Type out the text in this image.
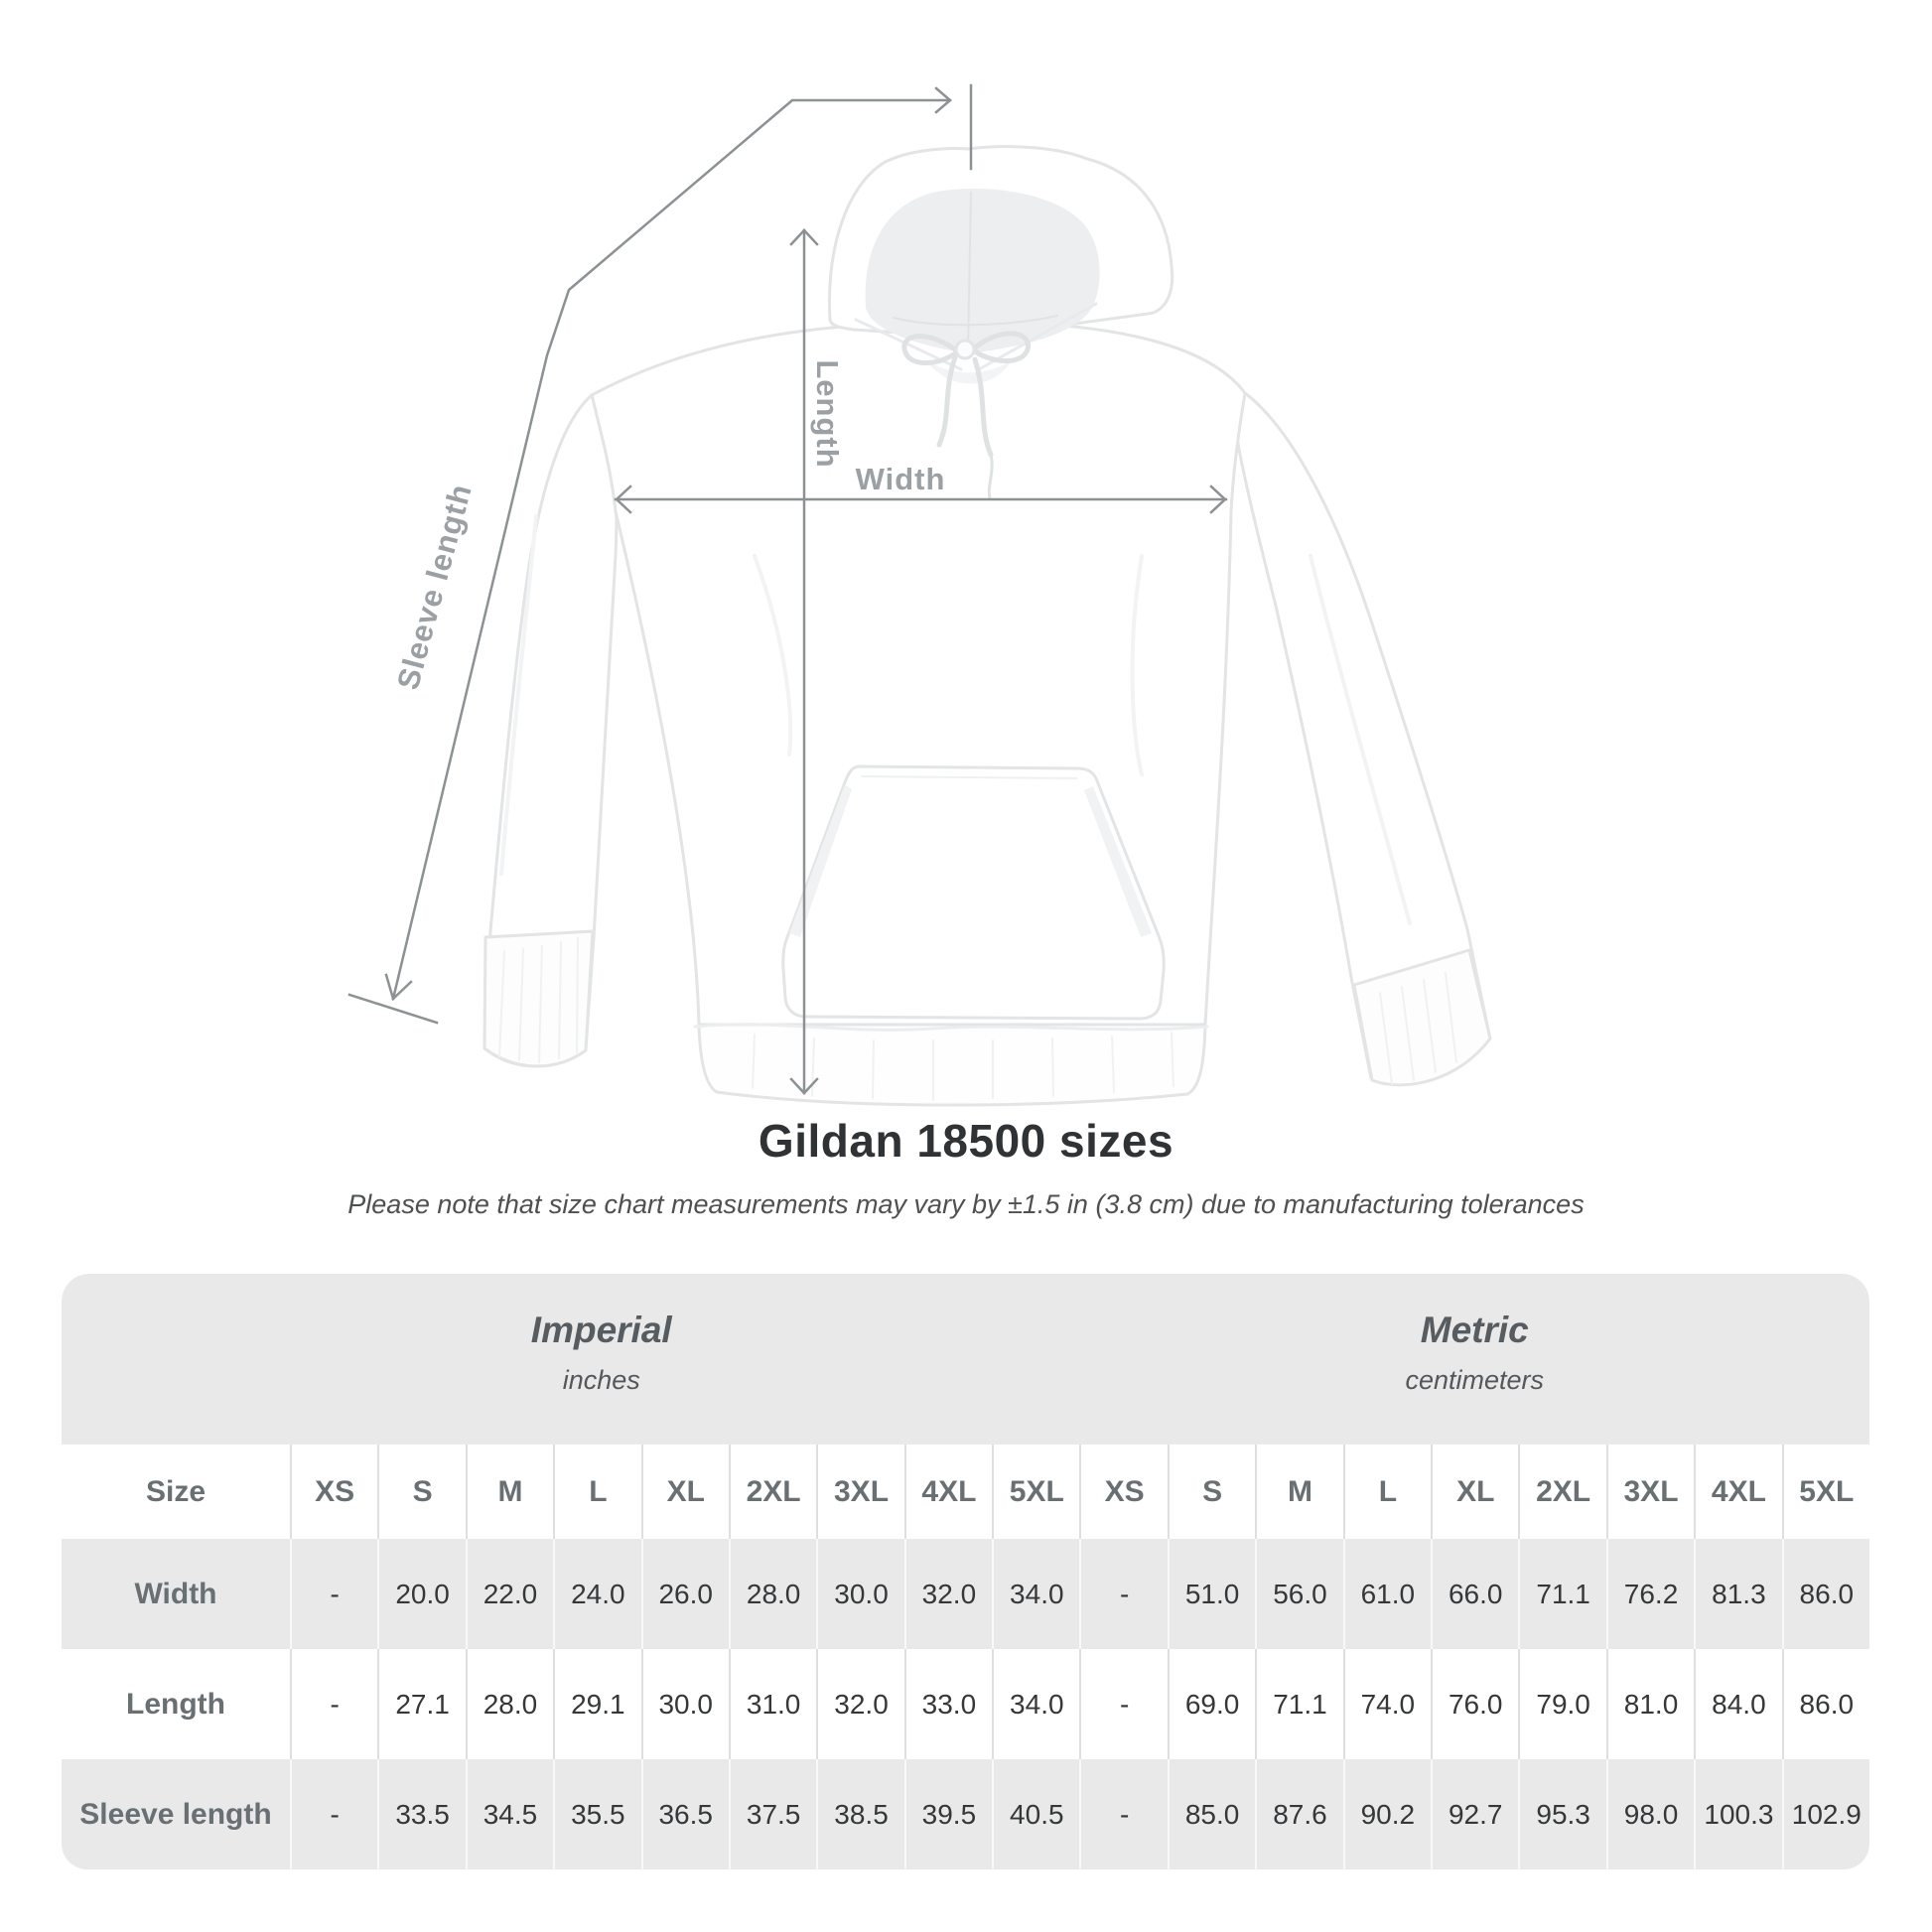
Sleeve length
Length
Width
Gildan 18500 sizes
Please note that size chart measurements may vary by ±1.5 in (3.8 cm) due to manufacturing tolerances
Imperial
inches
Metric
centimeters
Size	XS S M L XL 2XL 3XL 4XL 5XL XS S M L XL 2XL 3XL 4XL 5XL
Width	- 20.0 22.0 24.0 26.0 28.0 30.0 32.0 34.0 - 51.0 56.0 61.0 66.0 71.1 76.2 81.3 86.0
Length	- 27.1 28.0 29.1 30.0 31.0 32.0 33.0 34.0 - 69.0 71.1 74.0 76.0 79.0 81.0 84.0 86.0
Sleeve length - 33.5 34.5 35.5 36.5 37.5 38.5 39.5 40.5 - 85.0 87.6 90.2 92.7 95.3 98.0 100.3 102.9
